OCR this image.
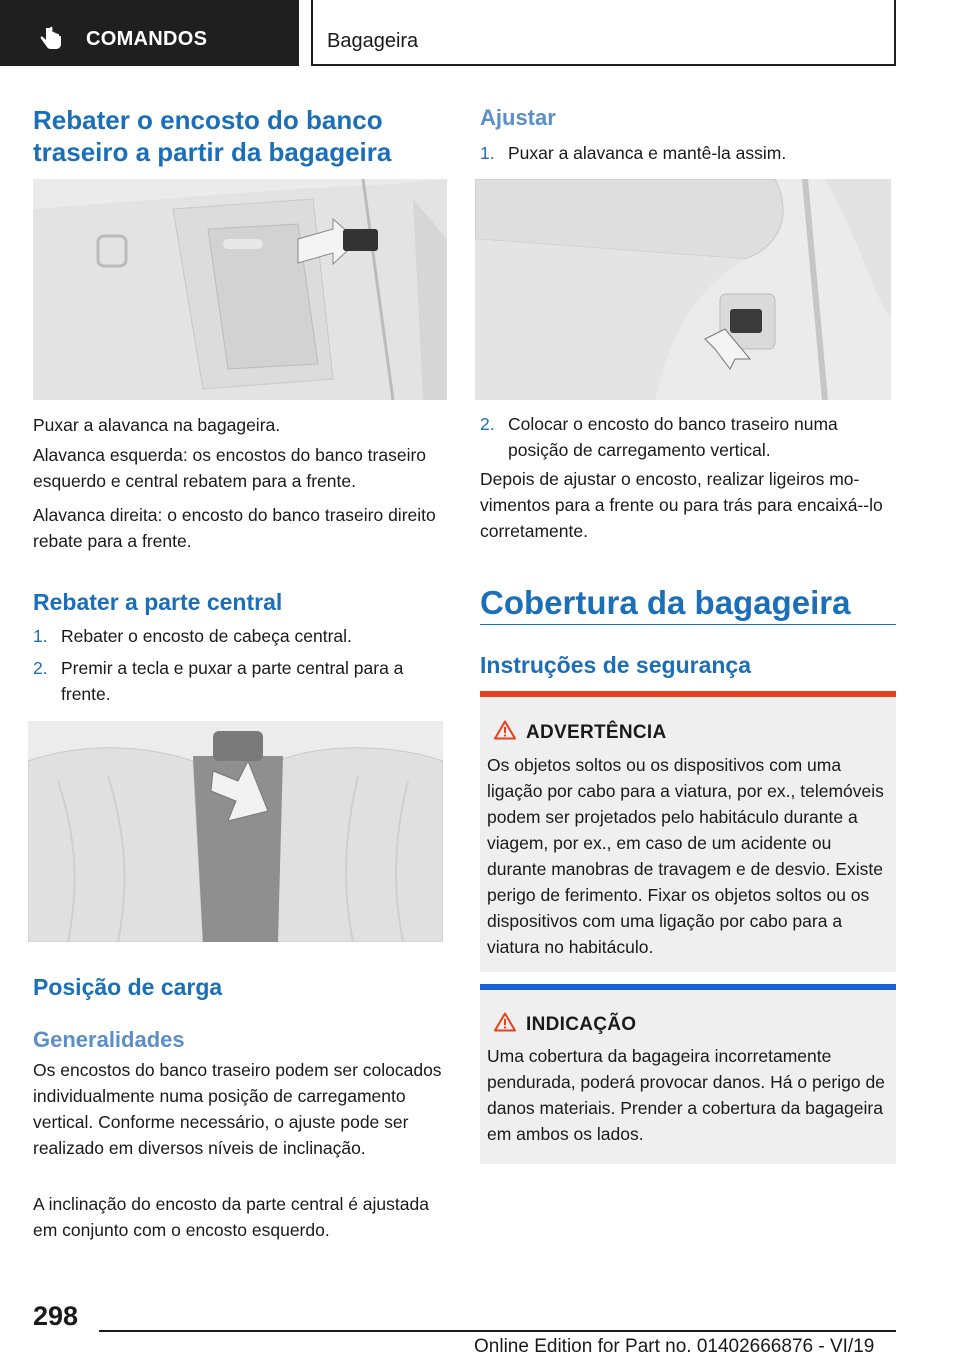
COMANDOS	Bagageira
Rebater o encosto do banco
traseiro a partir da bagageira

Puxar a alavanca na bagageira.

Alavanca esquerda: os encostos do banco traseiro esquerdo e central rebatem para a frente.

Alavanca direita: o encosto do banco traseiro direito rebate para a frente.

Rebater a parte central
1. Rebater o encosto de cabeça central.
2. Premir a tecla e puxar a parte central para a frente.
Posição de carga
Generalidades

Os encostos do banco traseiro podem ser colocados individualmente numa posição de carregamento vertical. Conforme necessário, o ajuste pode ser realizado em diversos níveis de inclinação.

A inclinação do encosto da parte central é ajustada em conjunto com o encosto esquerdo.

Ajustar
1. Puxar a alavanca e mantê-la assim.
2. Colocar o encosto do banco traseiro numa posição de carregamento vertical.

Depois de ajustar o encosto, realizar ligeiros movimentos para a frente ou para trás para encaixá-​-lo corretamente.

Cobertura da bagageira
Instruções de segurança
ADVERTÊNCIA
Os objetos soltos ou os dispositivos com uma ligação por cabo para a viatura, por ex., telemóveis podem ser projetados pelo habitáculo durante a viagem, por ex., em caso de um acidente ou durante manobras de travagem e de desvio. Existe perigo de ferimento. Fixar os objetos soltos ou os dispositivos com uma ligação por cabo para a viatura no habitáculo.
INDICAÇÃO
Uma cobertura da bagageira incorretamente pendurada, poderá provocar danos. Há o perigo de danos materiais. Prender a cobertura da bagageira em ambos os lados.
298
Online Edition for Part no. 01402666876 - VI/19
